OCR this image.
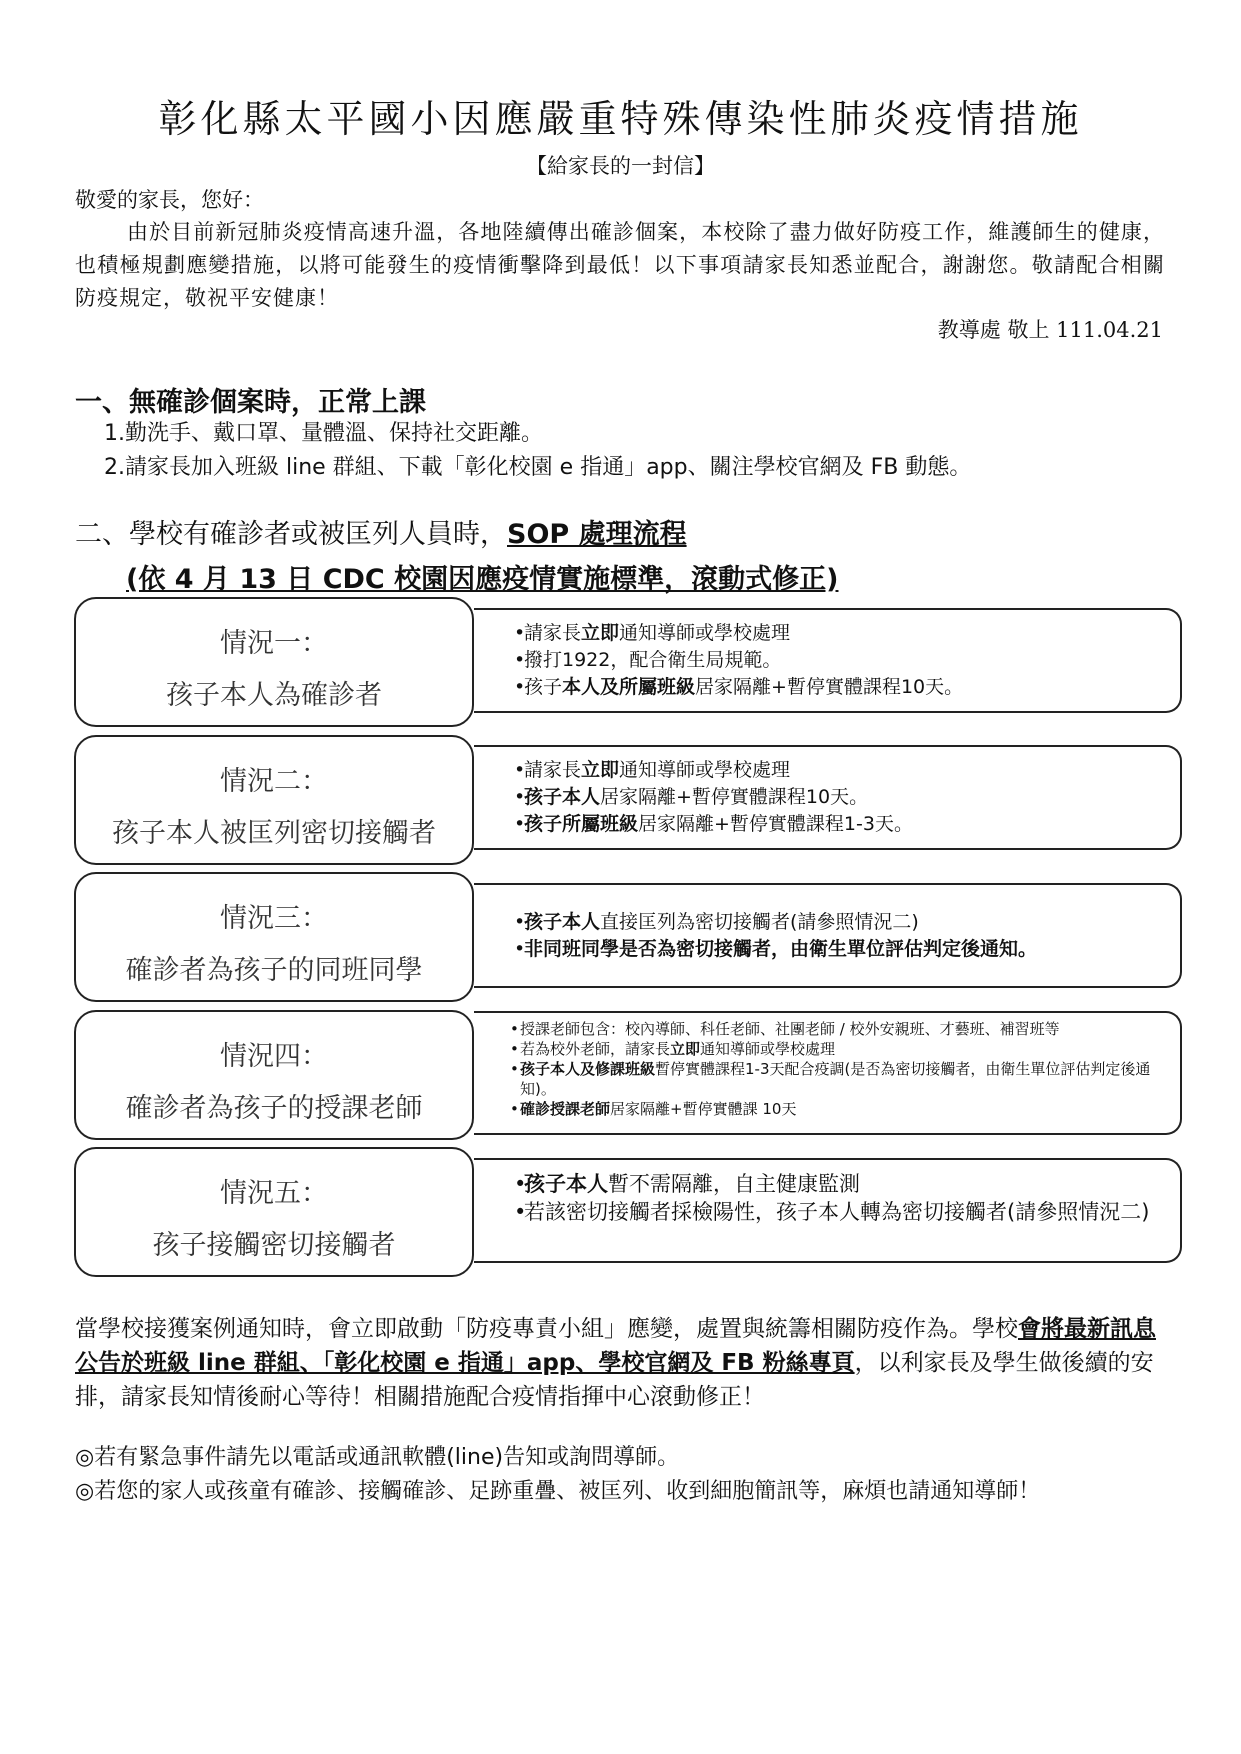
彰化縣太平國小因應嚴重特殊傳染性肺炎疫情措施
【給家長的一封信】
敬愛的家長，您好：
由於目前新冠肺炎疫情高速升溫，各地陸續傳出確診個案，本校除了盡力做好防疫工作，維護師生的健康，也積極規劃應變措施，以將可能發生的疫情衝擊降到最低！以下事項請家長知悉並配合，謝謝您。敬請配合相關防疫規定，敬祝平安健康！
教導處 敬上 111.04.21
一、無確診個案時，正常上課
1.勤洗手、戴口罩、量體溫、保持社交距離。
2.請家長加入班級 line 群組、下載「彰化校園 e 指通」app、關注學校官網及 FB 動態。
二、學校有確診者或被匡列人員時，SOP 處理流程
(依 4 月 13 日 CDC 校園因應疫情實施標準，滾動式修正)
情況一：
孩子本人為確診者
•
請家長立即通知導師或學校處理
•
撥打1922，配合衛生局規範。
•
孩子本人及所屬班級居家隔離+暫停實體課程10天。
情況二：
孩子本人被匡列密切接觸者
•
請家長立即通知導師或學校處理
•
孩子本人居家隔離+暫停實體課程10天。
•
孩子所屬班級居家隔離+暫停實體課程1-3天。
情況三：
確診者為孩子的同班同學
•
孩子本人直接匡列為密切接觸者(請參照情況二)
•
非同班同學是否為密切接觸者，由衛生單位評估判定後通知。
情況四：
確診者為孩子的授課老師
• 授課老師包含：校內導師、科任老師、社團老師 / 校外安親班、才藝班、補習班等
• 若為校外老師，請家長立即通知導師或學校處理
• 孩子本人及修課班級暫停實體課程1-3天配合疫調(是否為密切接觸者，由衛生單位評估判定後通知)。
• 確診授課老師居家隔離+暫停實體課 10天
情況五：
孩子接觸密切接觸者
•
孩子本人暫不需隔離，自主健康監測
•
若該密切接觸者採檢陽性，孩子本人轉為密切接觸者(請參照情況二)
當學校接獲案例通知時，會立即啟動「防疫專責小組」應變，處置與統籌相關防疫作為。學校會將最新訊息公告於班級 line 群組、「彰化校園 e 指通」app、學校官網及 FB 粉絲專頁，以利家長及學生做後續的安排，請家長知情後耐心等待！相關措施配合疫情指揮中心滾動修正！
◎若有緊急事件請先以電話或通訊軟體(line)告知或詢問導師。
◎若您的家人或孩童有確診、接觸確診、足跡重疊、被匡列、收到細胞簡訊等，麻煩也請通知導師！
